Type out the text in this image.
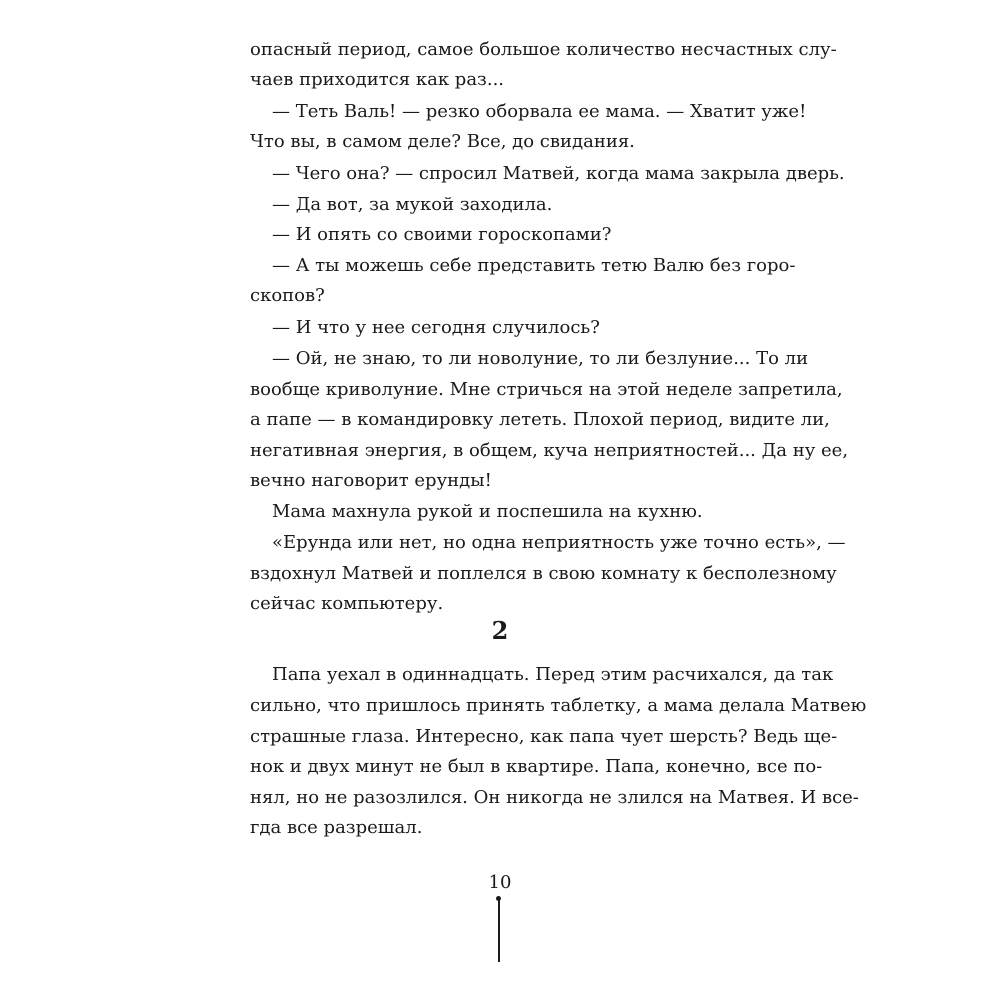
опасный период, самое большое количество несчастных слу-
чаев приходится как раз...
— Теть Валь! — резко оборвала ее мама. — Хватит уже!
Что вы, в самом деле? Все, до свидания.
— Чего она? — спросил Матвей, когда мама закрыла дверь.
— Да вот, за мукой заходила.
— И опять со своими гороскопами?
— А ты можешь себе представить тетю Валю без горо-
скопов?
— И что у нее сегодня случилось?
— Ой, не знаю, то ли новолуние, то ли безлуние... То ли
вообще криволуние. Мне стричься на этой неделе запретила,
а папе — в командировку лететь. Плохой период, видите ли,
негативная энергия, в общем, куча неприятностей... Да ну ее,
вечно наговорит ерунды!
Мама махнула рукой и поспешила на кухню.
«Ерунда или нет, но одна неприятность уже точно есть», —
вздохнул Матвей и поплелся в свою комнату к бесполезному
сейчас компьютеру.
2
Папа уехал в одиннадцать. Перед этим расчихался, да так
сильно, что пришлось принять таблетку, а мама делала Матвею
страшные глаза. Интересно, как папа чует шерсть? Ведь ще-
нок и двух минут не был в квартире. Папа, конечно, все по-
нял, но не разозлился. Он никогда не злился на Матвея. И все-
гда все разрешал.
10
